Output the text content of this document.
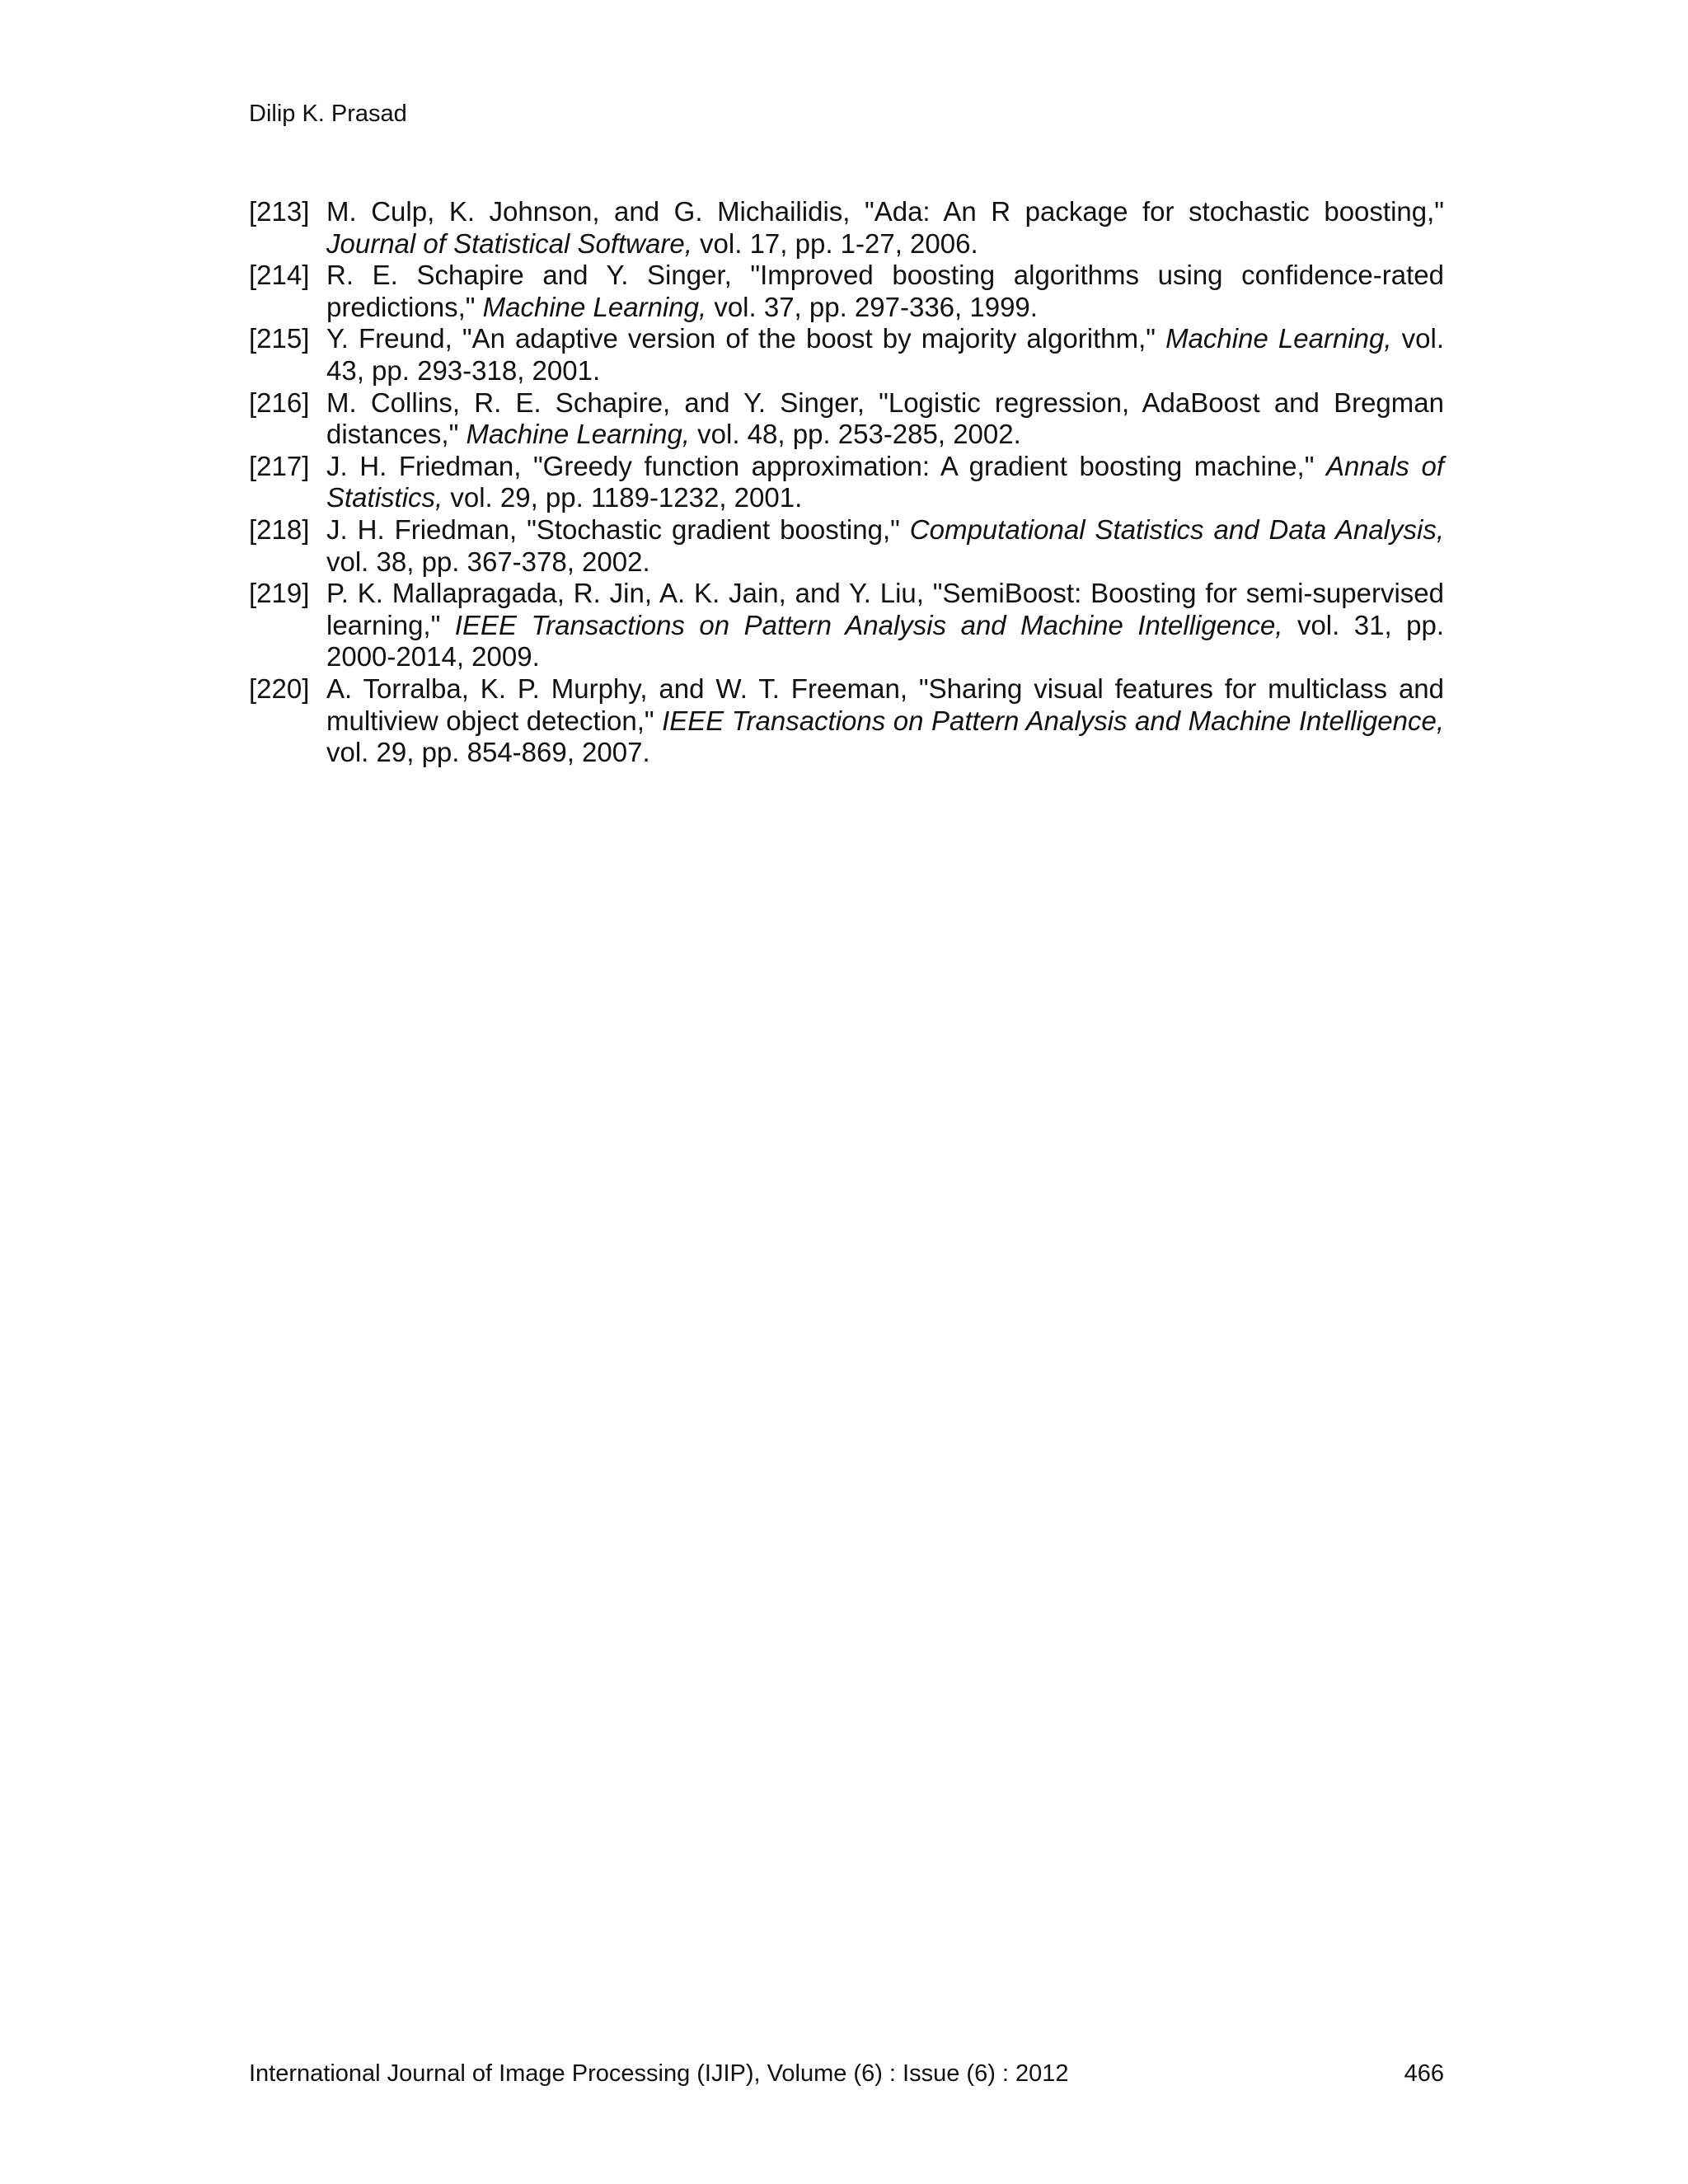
Dilip K. Prasad
[213] M. Culp, K. Johnson, and G. Michailidis, "Ada: An R package for stochastic boosting," Journal of Statistical Software, vol. 17, pp. 1-27, 2006.
[214] R. E. Schapire and Y. Singer, "Improved boosting algorithms using confidence-rated predictions," Machine Learning, vol. 37, pp. 297-336, 1999.
[215] Y. Freund, "An adaptive version of the boost by majority algorithm," Machine Learning, vol. 43, pp. 293-318, 2001.
[216] M. Collins, R. E. Schapire, and Y. Singer, "Logistic regression, AdaBoost and Bregman distances," Machine Learning, vol. 48, pp. 253-285, 2002.
[217] J. H. Friedman, "Greedy function approximation: A gradient boosting machine," Annals of Statistics, vol. 29, pp. 1189-1232, 2001.
[218] J. H. Friedman, "Stochastic gradient boosting," Computational Statistics and Data Analysis, vol. 38, pp. 367-378, 2002.
[219] P. K. Mallapragada, R. Jin, A. K. Jain, and Y. Liu, "SemiBoost: Boosting for semi-supervised learning," IEEE Transactions on Pattern Analysis and Machine Intelligence, vol. 31, pp. 2000-2014, 2009.
[220] A. Torralba, K. P. Murphy, and W. T. Freeman, "Sharing visual features for multiclass and multiview object detection," IEEE Transactions on Pattern Analysis and Machine Intelligence, vol. 29, pp. 854-869, 2007.
International Journal of Image Processing (IJIP), Volume (6) : Issue (6) : 2012	466
